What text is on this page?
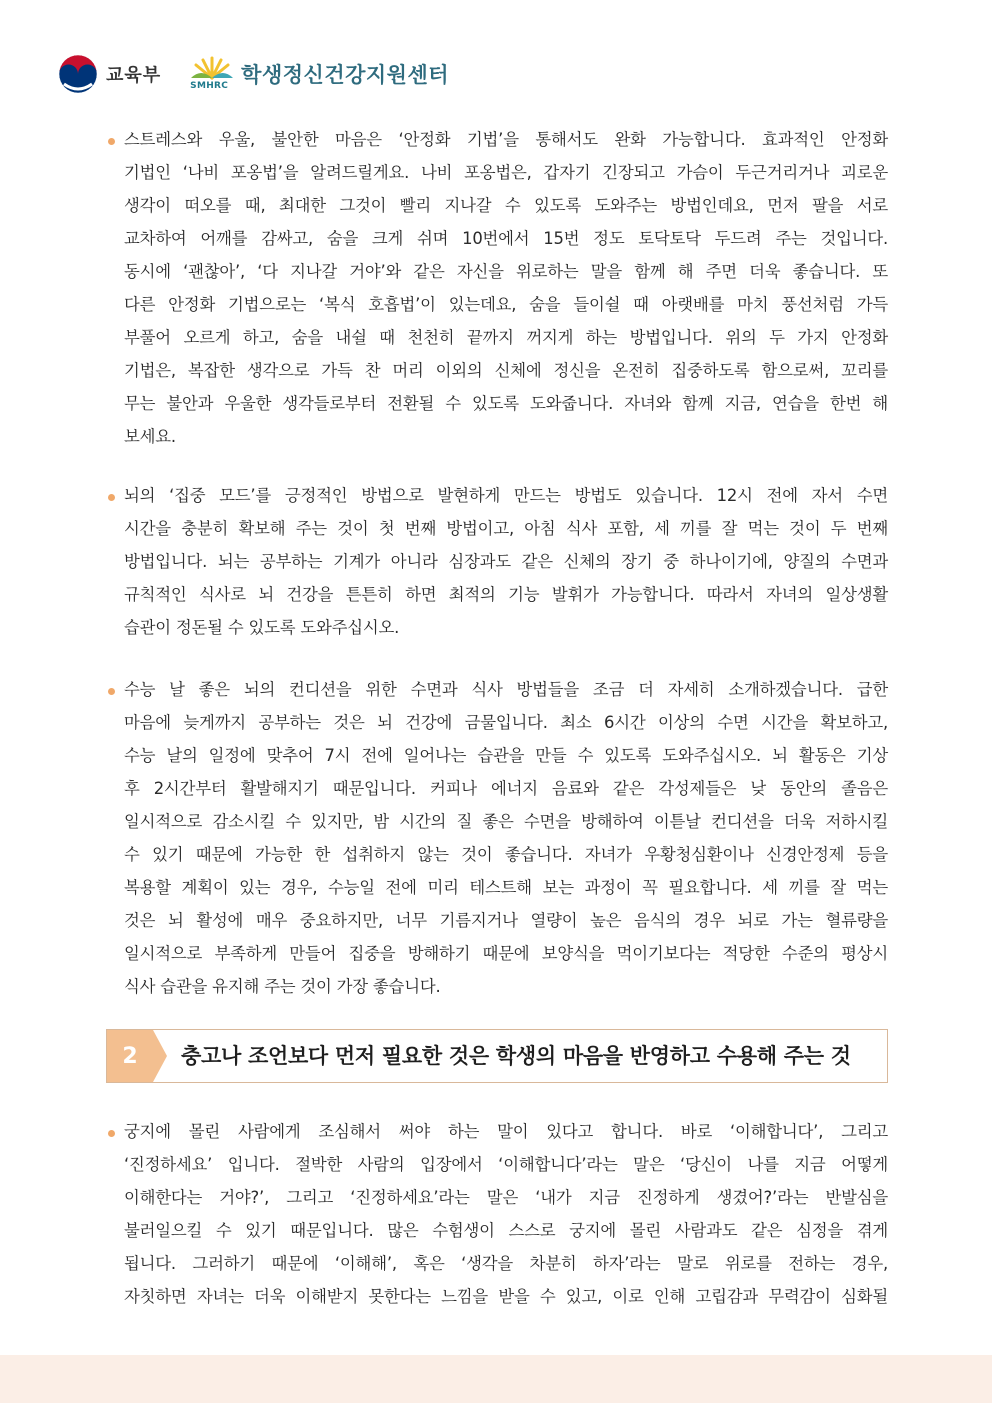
교육부	SMHRC 학생정신건강지원센터
스트레스와 우울, 불안한 마음은 ‘안정화 기법’을 통해서도 완화 가능합니다. 효과적인 안정화
기법인 ‘나비 포옹법’을 알려드릴게요. 나비 포옹법은, 갑자기 긴장되고 가슴이 두근거리거나 괴로운
생각이 떠오를 때, 최대한 그것이 빨리 지나갈 수 있도록 도와주는 방법인데요, 먼저 팔을 서로
교차하여 어깨를 감싸고, 숨을 크게 쉬며 10번에서 15번 정도 토닥토닥 두드려 주는 것입니다.
동시에 ‘괜찮아’, ‘다 지나갈 거야’와 같은 자신을 위로하는 말을 함께 해 주면 더욱 좋습니다. 또
다른 안정화 기법으로는 ‘복식 호흡법’이 있는데요, 숨을 들이쉴 때 아랫배를 마치 풍선처럼 가득
부풀어 오르게 하고, 숨을 내쉴 때 천천히 끝까지 꺼지게 하는 방법입니다. 위의 두 가지 안정화
기법은, 복잡한 생각으로 가득 찬 머리 이외의 신체에 정신을 온전히 집중하도록 함으로써, 꼬리를
무는 불안과 우울한 생각들로부터 전환될 수 있도록 도와줍니다. 자녀와 함께 지금, 연습을 한번 해
보세요.
뇌의 ‘집중 모드’를 긍정적인 방법으로 발현하게 만드는 방법도 있습니다. 12시 전에 자서 수면
시간을 충분히 확보해 주는 것이 첫 번째 방법이고, 아침 식사 포함, 세 끼를 잘 먹는 것이 두 번째
방법입니다. 뇌는 공부하는 기계가 아니라 심장과도 같은 신체의 장기 중 하나이기에, 양질의 수면과
규칙적인 식사로 뇌 건강을 튼튼히 하면 최적의 기능 발휘가 가능합니다. 따라서 자녀의 일상생활
습관이 정돈될 수 있도록 도와주십시오.
수능 날 좋은 뇌의 컨디션을 위한 수면과 식사 방법들을 조금 더 자세히 소개하겠습니다. 급한
마음에 늦게까지 공부하는 것은 뇌 건강에 금물입니다. 최소 6시간 이상의 수면 시간을 확보하고,
수능 날의 일정에 맞추어 7시 전에 일어나는 습관을 만들 수 있도록 도와주십시오. 뇌 활동은 기상
후 2시간부터 활발해지기 때문입니다. 커피나 에너지 음료와 같은 각성제들은 낮 동안의 졸음은
일시적으로 감소시킬 수 있지만, 밤 시간의 질 좋은 수면을 방해하여 이튿날 컨디션을 더욱 저하시킬
수 있기 때문에 가능한 한 섭취하지 않는 것이 좋습니다. 자녀가 우황청심환이나 신경안정제 등을
복용할 계획이 있는 경우, 수능일 전에 미리 테스트해 보는 과정이 꼭 필요합니다. 세 끼를 잘 먹는
것은 뇌 활성에 매우 중요하지만, 너무 기름지거나 열량이 높은 음식의 경우 뇌로 가는 혈류량을
일시적으로 부족하게 만들어 집중을 방해하기 때문에 보양식을 먹이기보다는 적당한 수준의 평상시
식사 습관을 유지해 주는 것이 가장 좋습니다.
2	충고나 조언보다 먼저 필요한 것은 학생의 마음을 반영하고 수용해 주는 것
궁지에 몰린 사람에게 조심해서 써야 하는 말이 있다고 합니다. 바로 ‘이해합니다’, 그리고
‘진정하세요’ 입니다. 절박한 사람의 입장에서 ‘이해합니다’라는 말은 ‘당신이 나를 지금 어떻게
이해한다는 거야?’, 그리고 ‘진정하세요’라는 말은 ‘내가 지금 진정하게 생겼어?’라는 반발심을
불러일으킬 수 있기 때문입니다. 많은 수험생이 스스로 궁지에 몰린 사람과도 같은 심정을 겪게
됩니다. 그러하기 때문에 ‘이해해’, 혹은 ‘생각을 차분히 하자’라는 말로 위로를 전하는 경우,
자칫하면 자녀는 더욱 이해받지 못한다는 느낌을 받을 수 있고, 이로 인해 고립감과 무력감이 심화될
